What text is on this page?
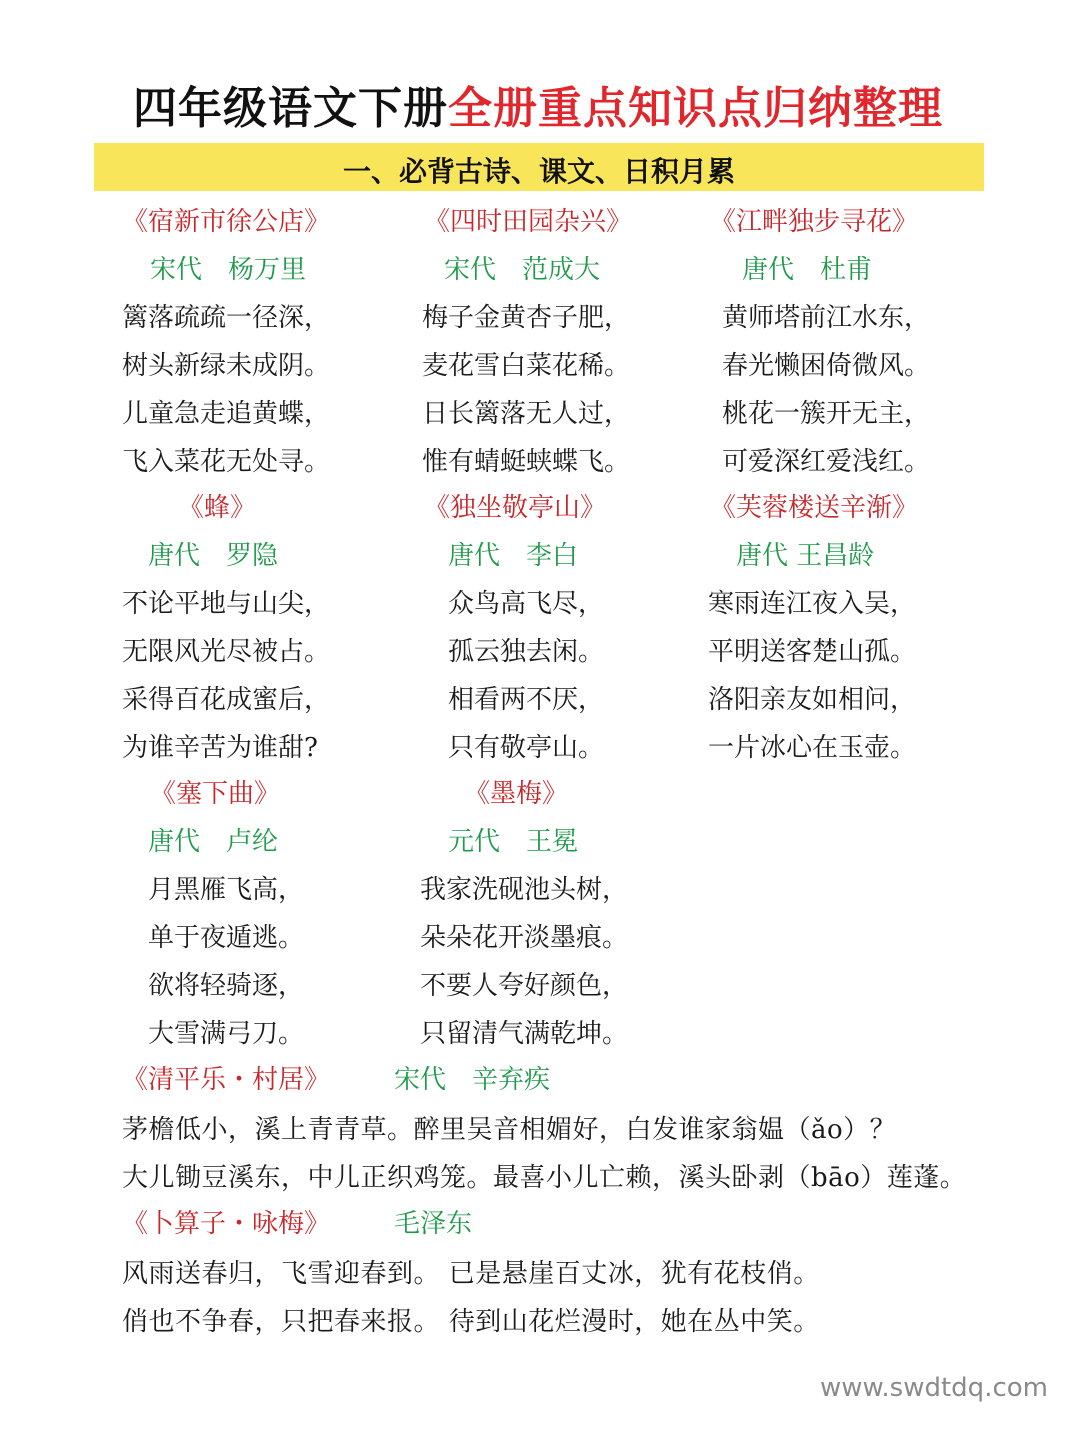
四年级语文下册全册重点知识点归纳整理
一、必背古诗、课文、日积月累
《宿新市徐公店》
宋代　杨万里
篱落疏疏一径深，
树头新绿未成阴。
儿童急走追黄蝶，
飞入菜花无处寻。
《四时田园杂兴》
宋代　范成大
梅子金黄杏子肥，
麦花雪白菜花稀。
日长篱落无人过，
惟有蜻蜓蛱蝶飞。
《江畔独步寻花》
唐代　杜甫
黄师塔前江水东，
春光懒困倚微风。
桃花一簇开无主，
可爱深红爱浅红。
《蜂》
唐代　罗隐
不论平地与山尖，
无限风光尽被占。
采得百花成蜜后，
为谁辛苦为谁甜?
《独坐敬亭山》
唐代　李白
众鸟高飞尽，
孤云独去闲。
相看两不厌，
只有敬亭山。
《芙蓉楼送辛渐》
唐代 王昌龄
寒雨连江夜入吴，
平明送客楚山孤。
洛阳亲友如相问，
一片冰心在玉壶。
《塞下曲》
唐代　卢纶
月黑雁飞高，
单于夜遁逃。
欲将轻骑逐，
大雪满弓刀。
《墨梅》
元代　王冕
我家洗砚池头树，
朵朵花开淡墨痕。
不要人夸好颜色，
只留清气满乾坤。
《清平乐・村居》 宋代　辛弃疾
茅檐低小，溪上青青草。醉里吴音相媚好，白发谁家翁媪（ǎo）？
大儿锄豆溪东，中儿正织鸡笼。最喜小儿亡赖，溪头卧剥（bāo）莲蓬。
《卜算子・咏梅》 毛泽东
风雨送春归，飞雪迎春到。 已是悬崖百丈冰，犹有花枝俏。
俏也不争春，只把春来报。 待到山花烂漫时，她在丛中笑。
www.swdtdq.com
